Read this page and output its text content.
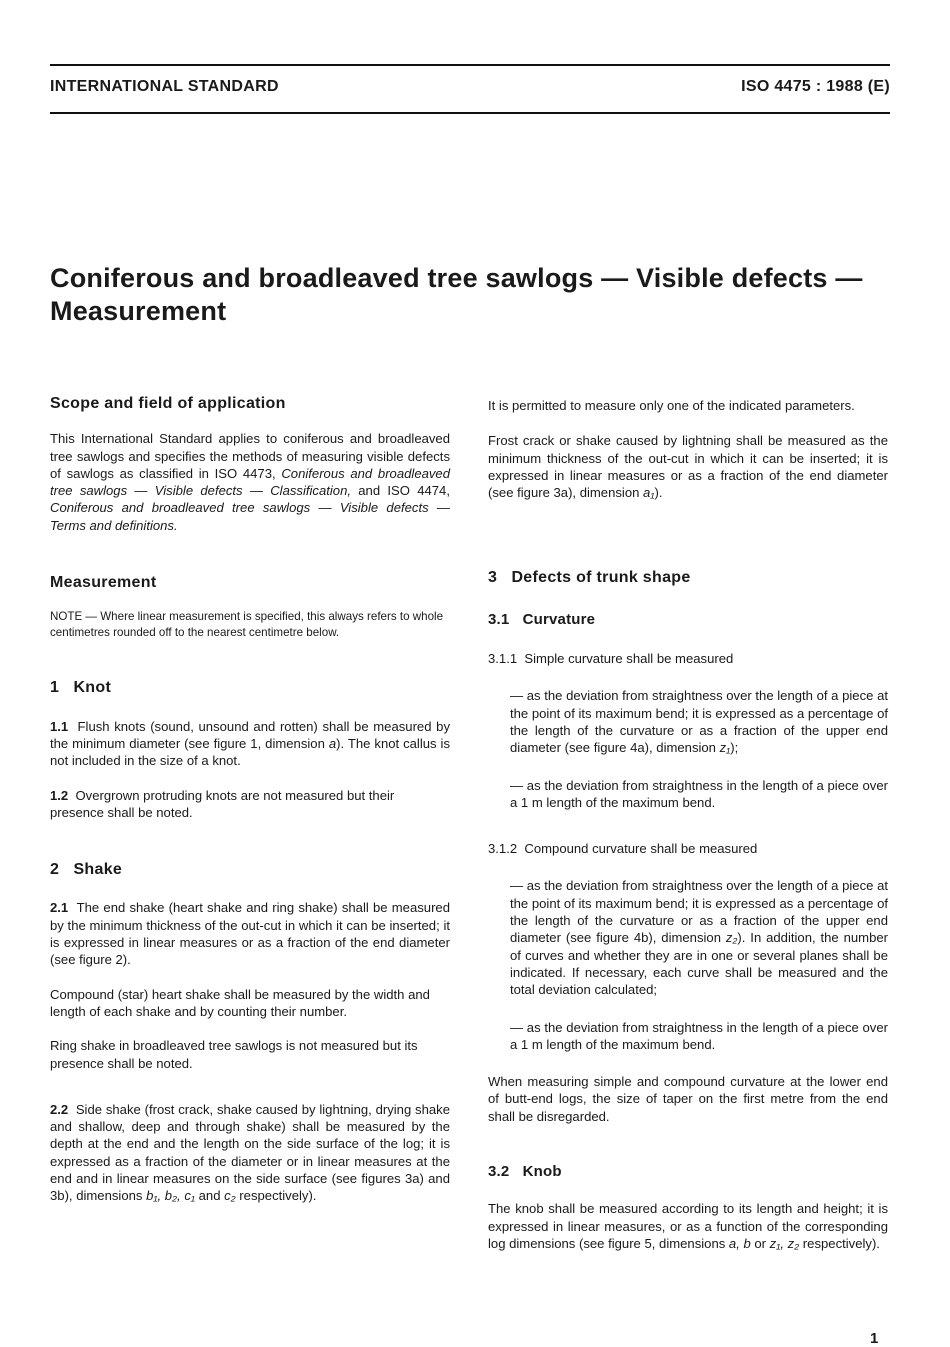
INTERNATIONAL STANDARD	ISO 4475 : 1988 (E)
Coniferous and broadleaved tree sawlogs — Visible defects — Measurement
Scope and field of application

This International Standard applies to coniferous and broadleaved tree sawlogs and specifies the methods of measuring visible defects of sawlogs as classified in ISO 4473, Coniferous and broadleaved tree sawlogs — Visible defects — Classification, and ISO 4474, Coniferous and broadleaved tree sawlogs — Visible defects — Terms and definitions.

Measurement

NOTE — Where linear measurement is specified, this always refers to whole centimetres rounded off to the nearest centimetre below.

1 Knot

1.1 Flush knots (sound, unsound and rotten) shall be measured by the minimum diameter (see figure 1, dimension a). The knot callus is not included in the size of a knot.

1.2 Overgrown protruding knots are not measured but their presence shall be noted.

2 Shake

2.1 The end shake (heart shake and ring shake) shall be measured by the minimum thickness of the out-cut in which it can be inserted; it is expressed in linear measures or as a fraction of the end diameter (see figure 2).

Compound (star) heart shake shall be measured by the width and length of each shake and by counting their number.

Ring shake in broadleaved tree sawlogs is not measured but its presence shall be noted.

2.2 Side shake (frost crack, shake caused by lightning, drying shake and shallow, deep and through shake) shall be measured by the depth at the end and the length on the side surface of the log; it is expressed as a fraction of the diameter or in linear measures at the end and in linear measures on the side surface (see figures 3a) and 3b), dimensions b₁, b₂, c₁ and c₂ respectively).

It is permitted to measure only one of the indicated parameters.

Frost crack or shake caused by lightning shall be measured as the minimum thickness of the out-cut in which it can be inserted; it is expressed in linear measures or as a fraction of the end diameter (see figure 3a), dimension a₁).

3 Defects of trunk shape
3.1 Curvature

3.1.1 Simple curvature shall be measured

— as the deviation from straightness over the length of a piece at the point of its maximum bend; it is expressed as a percentage of the length of the curvature or as a fraction of the upper end diameter (see figure 4a), dimension z₁);

— as the deviation from straightness in the length of a piece over a 1 m length of the maximum bend.

3.1.2 Compound curvature shall be measured

— as the deviation from straightness over the length of a piece at the point of its maximum bend; it is expressed as a percentage of the length of the curvature or as a fraction of the upper end diameter (see figure 4b), dimension z₂). In addition, the number of curves and whether they are in one or several planes shall be indicated. If necessary, each curve shall be measured and the total deviation calculated;

— as the deviation from straightness in the length of a piece over a 1 m length of the maximum bend.

When measuring simple and compound curvature at the lower end of butt-end logs, the size of taper on the first metre from the end shall be disregarded.

3.2 Knob

The knob shall be measured according to its length and height; it is expressed in linear measures, or as a function of the corresponding log dimensions (see figure 5, dimensions a, b or z₁, z₂ respectively).

1
